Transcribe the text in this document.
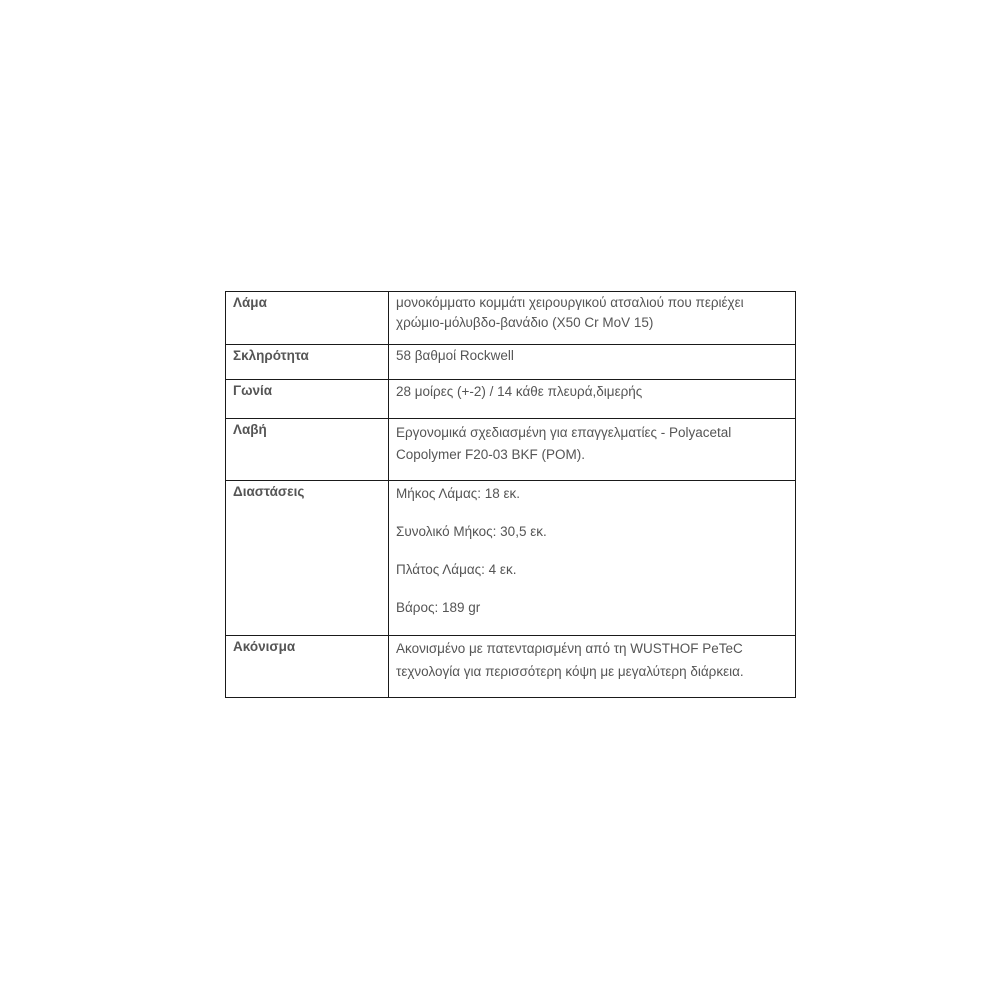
Λάμα	μονοκόμματο κομμάτι χειρουργικού ατσαλιού που περιέχει

χρώμιο-μόλυβδο-βανάδιο (X50 Cr MoV 15)

Σκληρότητα	58 βαθμοί Rockwell

Γωνία	28 μοίρες (+-2) / 14 κάθε πλευρά,διμερής

Λαβή	Εργονομικά σχεδιασμένη για επαγγελματίες - Polyacetal

Copolymer F20-03 BKF (POM).

Διαστάσεις	Μήκος Λάμας: 18 εκ.

Συνολικό Μήκος: 30,5 εκ.

Πλάτος Λάμας: 4 εκ.

Βάρος: 189 gr

Ακόνισμα	Ακονισμένο με πατενταρισμένη από τη WUSTHOF PeTeC

τεχνολογία για περισσότερη κόψη με μεγαλύτερη διάρκεια.
